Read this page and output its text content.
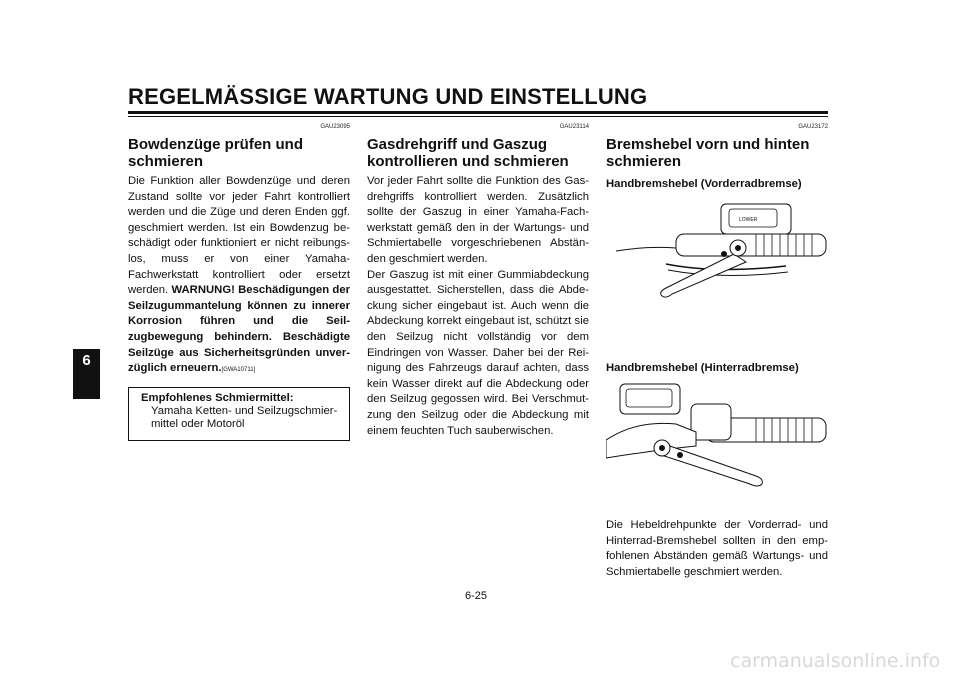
REGELMÄSSIGE WARTUNG UND EINSTELLUNG
6
GAU23095
Bowdenzüge prüfen und
schmieren

Die Funktion aller Bowdenzüge und deren Zustand sollte vor jeder Fahrt kontrolliert werden und die Züge und deren Enden ggf. geschmiert werden. Ist ein Bowdenzug beschädigt oder funktioniert er nicht reibungslos, muss er von einer Yamaha-Fachwerkstatt kontrolliert oder ersetzt werden. WARNUNG! Beschädigungen der Seilzugummantelung können zu innerer Korrosion führen und die Seilzugbewegung behindern. Beschädigte Seilzüge aus Sicherheitsgründen unverzüglich erneuern.[GWA10711]

Empfohlenes Schmiermittel:
Yamaha Ketten- und Seilzugschmiermittel oder Motoröl
GAU23114
Gasdrehgriff und Gaszug
kontrollieren und schmieren

Vor jeder Fahrt sollte die Funktion des Gasdrehgriffs kontrolliert werden. Zusätzlich sollte der Gaszug in einer Yamaha-Fachwerkstatt gemäß den in der Wartungs- und Schmiertabelle vorgeschriebenen Abständen geschmiert werden.
Der Gaszug ist mit einer Gummiabdeckung ausgestattet. Sicherstellen, dass die Abdeckung sicher eingebaut ist. Auch wenn die Abdeckung korrekt eingebaut ist, schützt sie den Seilzug nicht vollständig vor dem Eindringen von Wasser. Daher bei der Reinigung des Fahrzeugs darauf achten, dass kein Wasser direkt auf die Abdeckung oder den Seilzug gegossen wird. Bei Verschmutzung den Seilzug oder die Abdeckung mit einem feuchten Tuch sauberwischen.

GAU23172
Bremshebel vorn und hinten
schmieren
Handbremshebel (Vorderradbremse)
LOWER
Handbremshebel (Hinterradbremse)

Die Hebeldrehpunkte der Vorderrad- und Hinterrad-Bremshebel sollten in den empfohlenen Abständen gemäß Wartungs- und Schmiertabelle geschmiert werden.

6-25
carmanualsonline.info
